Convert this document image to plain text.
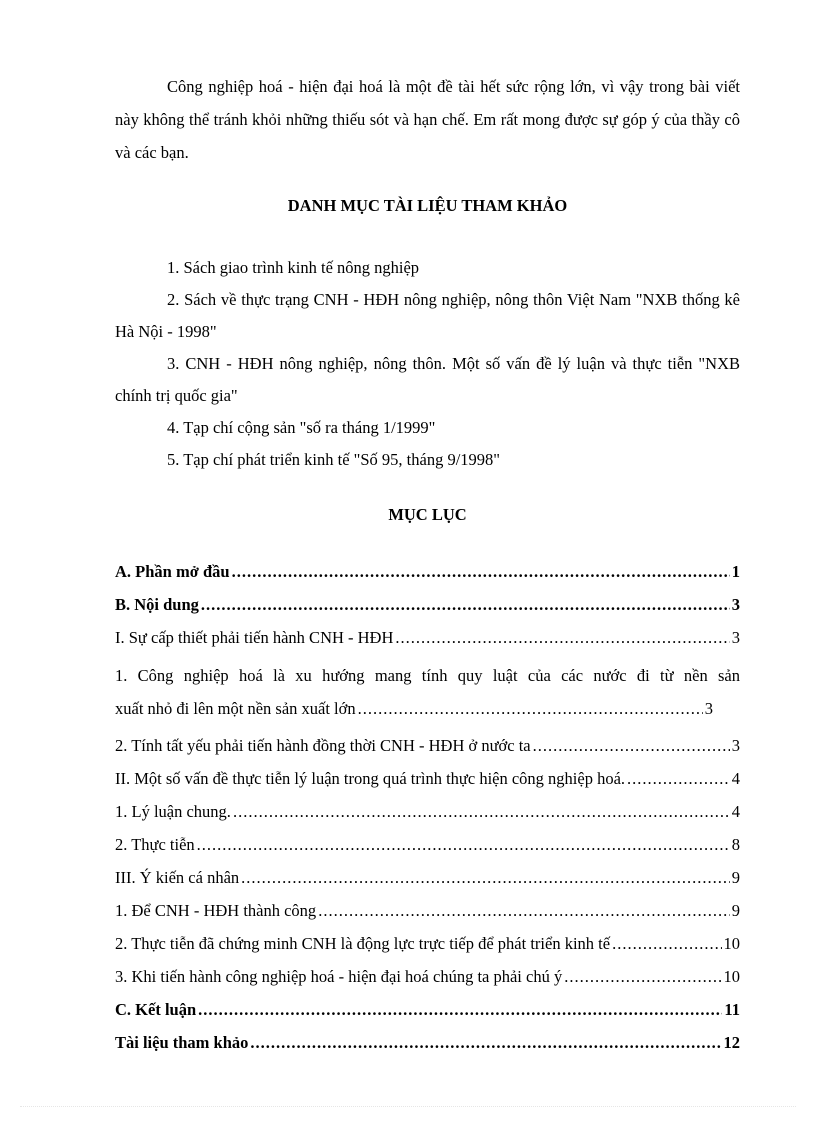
Công nghiệp hoá - hiện đại hoá là một đề tài hết sức rộng lớn, vì vậy trong bài viết này không thể tránh khỏi những thiếu sót và hạn chế. Em rất mong được sự góp ý của thầy cô và các bạn.

DANH MỤC TÀI LIỆU THAM KHẢO

1. Sách giao trình kinh tế nông nghiệp

2. Sách về thực trạng CNH - HĐH nông nghiệp, nông thôn Việt Nam "NXB thống kê Hà Nội - 1998"

3. CNH - HĐH nông nghiệp, nông thôn. Một số vấn đề lý luận và thực tiễn "NXB chính trị quốc gia"

4. Tạp chí cộng sản "số ra tháng 1/1999"

5. Tạp chí phát triển kinh tế "Số 95, tháng 9/1998"

MỤC LỤC
A. Phần mở đầu .....	1
B. Nội dung .....	3
I. Sự cấp thiết phải tiến hành CNH - HĐH .....	3
1. Công nghiệp hoá là xu hướng mang tính quy luật của các nước đi từ nền sản
xuất nhỏ đi lên một nền sản xuất lớn .....	3
2. Tính tất yếu phải tiến hành đồng thời CNH - HĐH ở nước ta .....	3
II. Một số vấn đề thực tiễn lý luận trong quá trình thực hiện công nghiệp hoá. .....	4
1. Lý luận chung. .....	4
2. Thực tiễn .....	8
III. Ý kiến cá nhân .....	9
1. Để CNH - HĐH thành công .....	9
2. Thực tiễn đã chứng minh CNH là động lực trực tiếp để phát triển kinh tế .....	10
3. Khi tiến hành công nghiệp hoá - hiện đại hoá chúng ta phải chú ý .....	10
C. Kết luận .....	11
Tài liệu tham khảo .....	12
